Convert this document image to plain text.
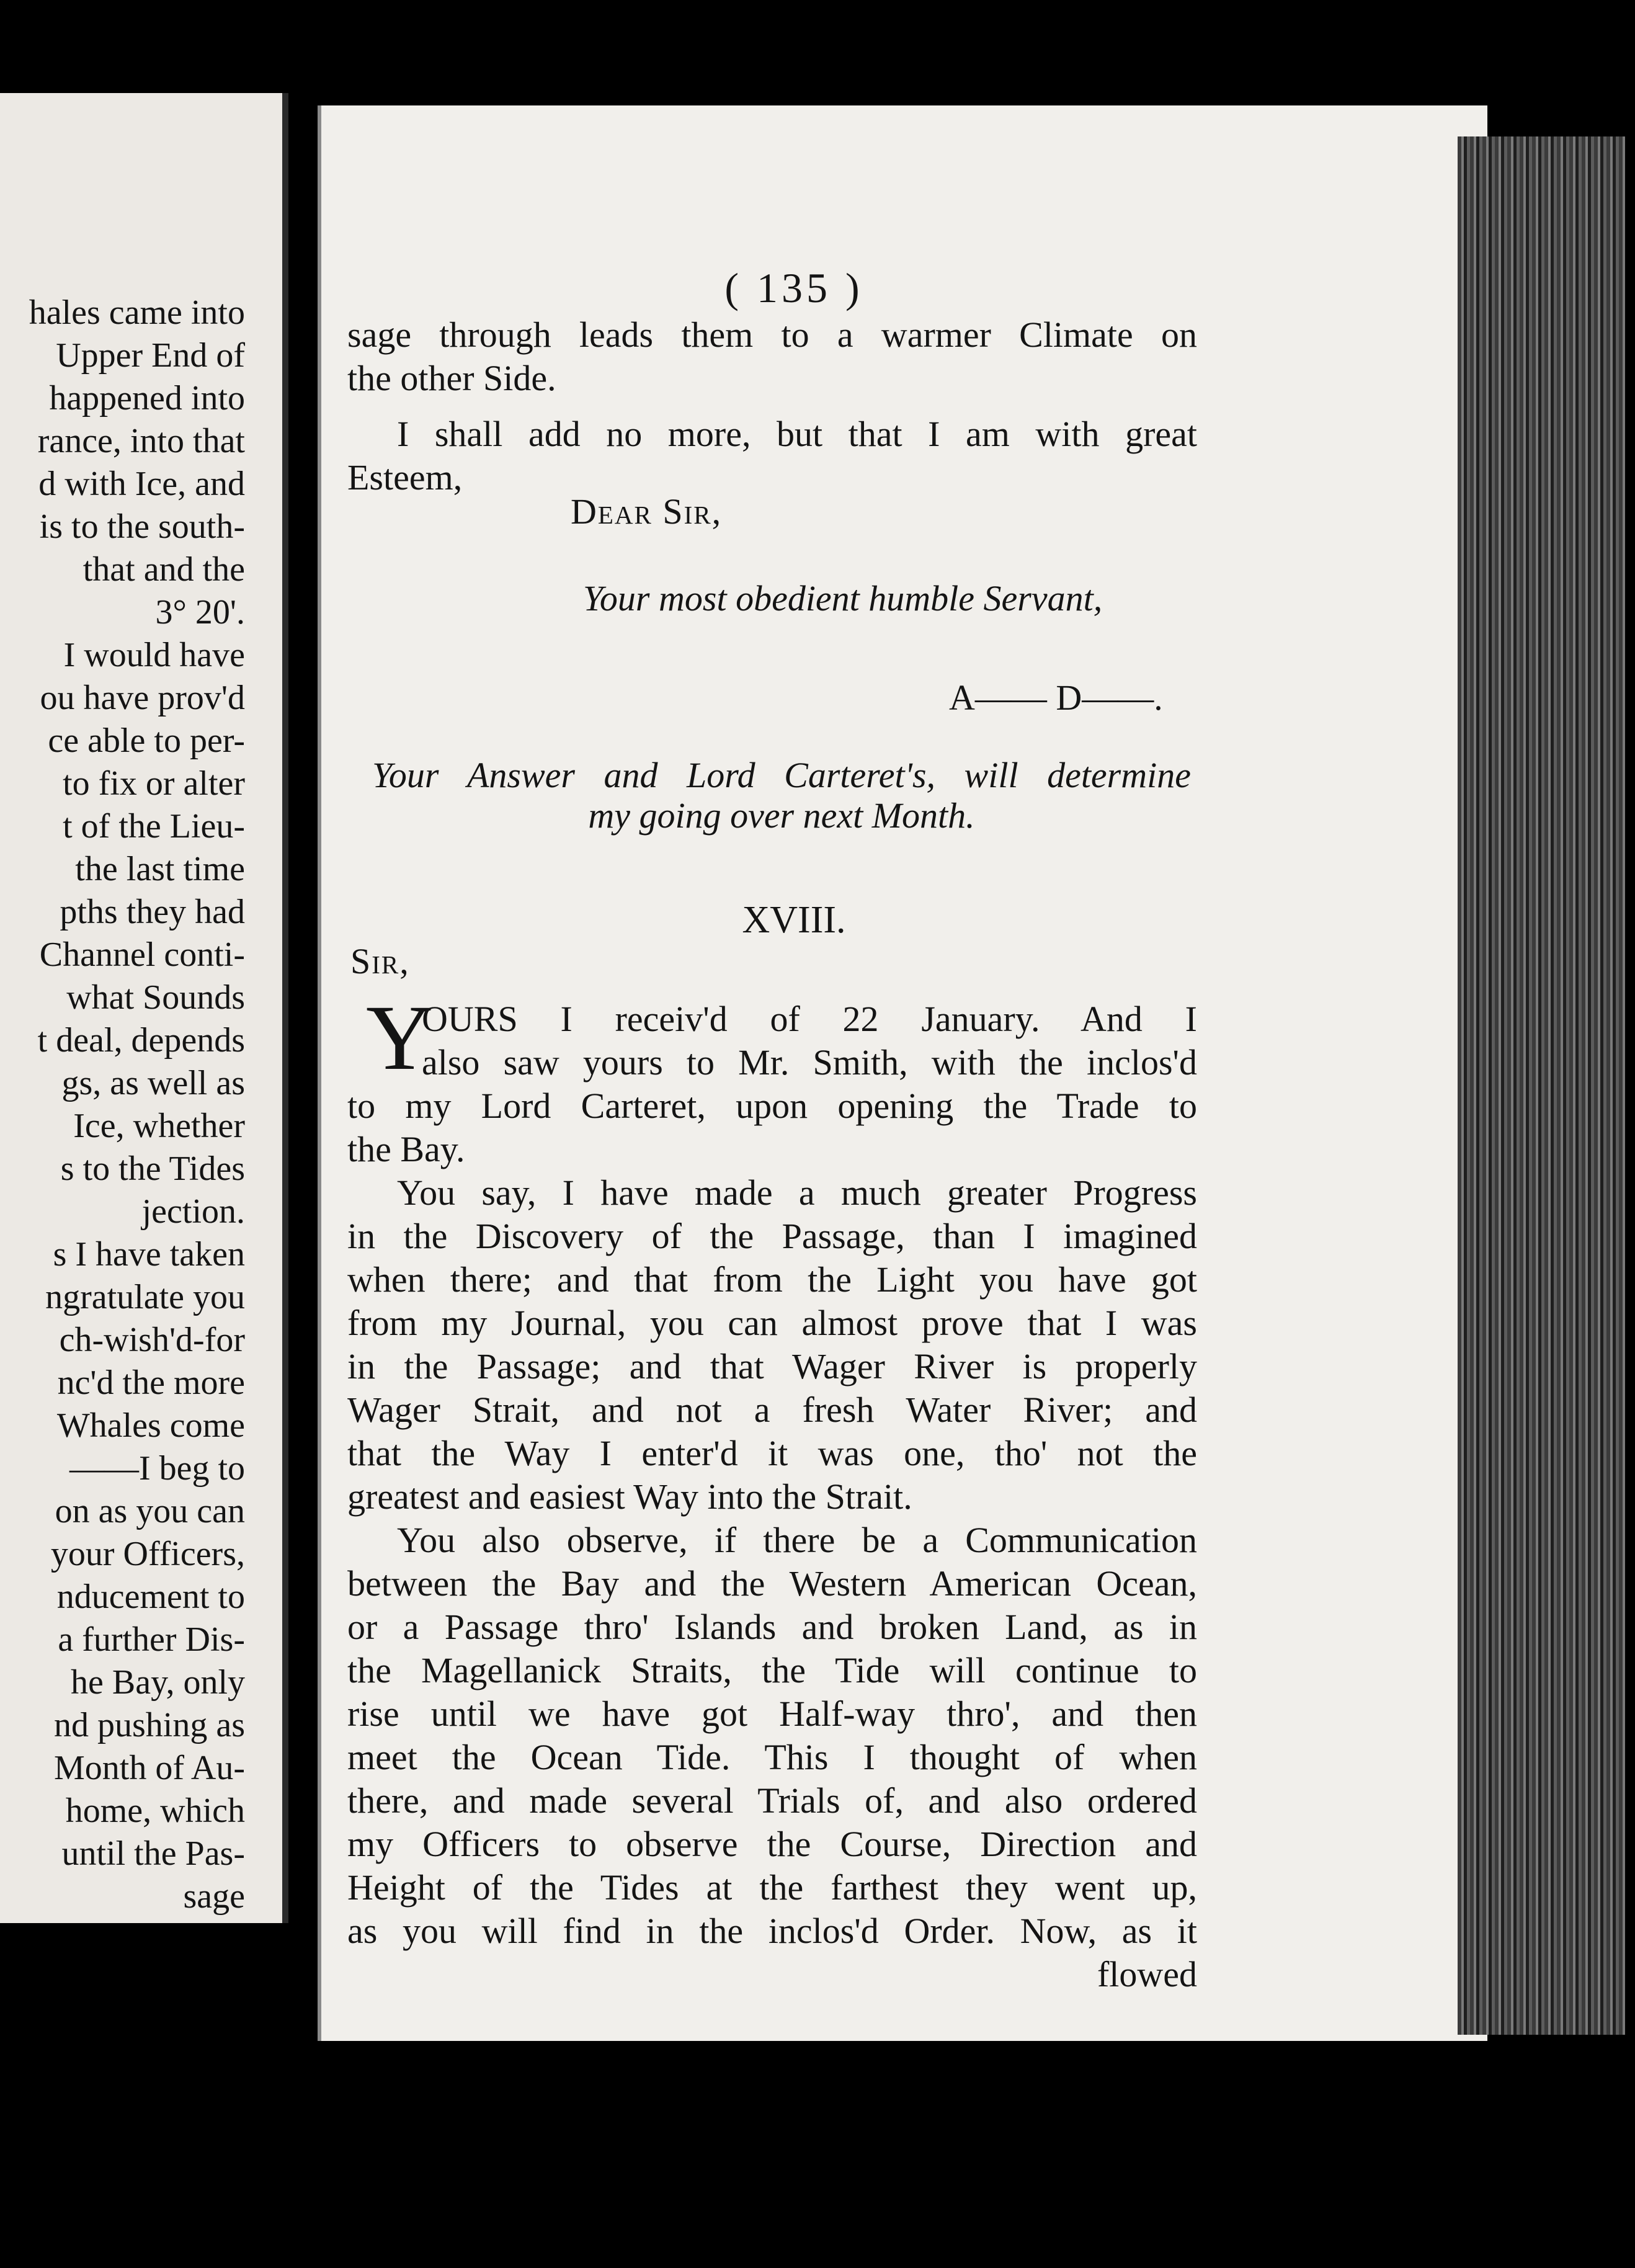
hales came into
Upper End of
happened into
rance, into that
d with Ice, and
is to the south-
that and the
3° 20'.
I would have
ou have prov'd
ce able to per-
to fix or alter
t of the Lieu-
the last time
pths they had
Channel conti-
what Sounds
t deal, depends
gs, as well as
Ice, whether
s to the Tides
jection.
s I have taken
ngratulate you
ch-wish'd-for
nc'd the more
Whales come
——I beg to
on as you can
your Officers,
nducement to
a further Dis-
he Bay, only
nd pushing as
Month of Au-
home, which
until the Pas-
sage
( 135 )
sage through leads them to a warmer Climate on
the other Side.
I shall add no more, but that I am with great
Esteem,
Dear Sir,
Your most obedient humble Servant,
A—— D——.
Your Answer and Lord Carteret's, will determine
my going over next Month.
XVIII.
Sir,
Y
OURS I receiv'd of 22 January. And I
also saw yours to Mr. Smith, with the inclos'd
to my Lord Carteret, upon opening the Trade to
the Bay.
You say, I have made a much greater Progress
in the Discovery of the Passage, than I imagined
when there; and that from the Light you have got
from my Journal, you can almost prove that I was
in the Passage; and that Wager River is properly
Wager Strait, and not a fresh Water River; and
that the Way I enter'd it was one, tho' not the
greatest and easiest Way into the Strait.
You also observe, if there be a Communication
between the Bay and the Western American Ocean,
or a Passage thro' Islands and broken Land, as in
the Magellanick Straits, the Tide will continue to
rise until we have got Half-way thro', and then
meet the Ocean Tide. This I thought of when
there, and made several Trials of, and also ordered
my Officers to observe the Course, Direction and
Height of the Tides at the farthest they went up,
as you will find in the inclos'd Order. Now, as it
flowed
